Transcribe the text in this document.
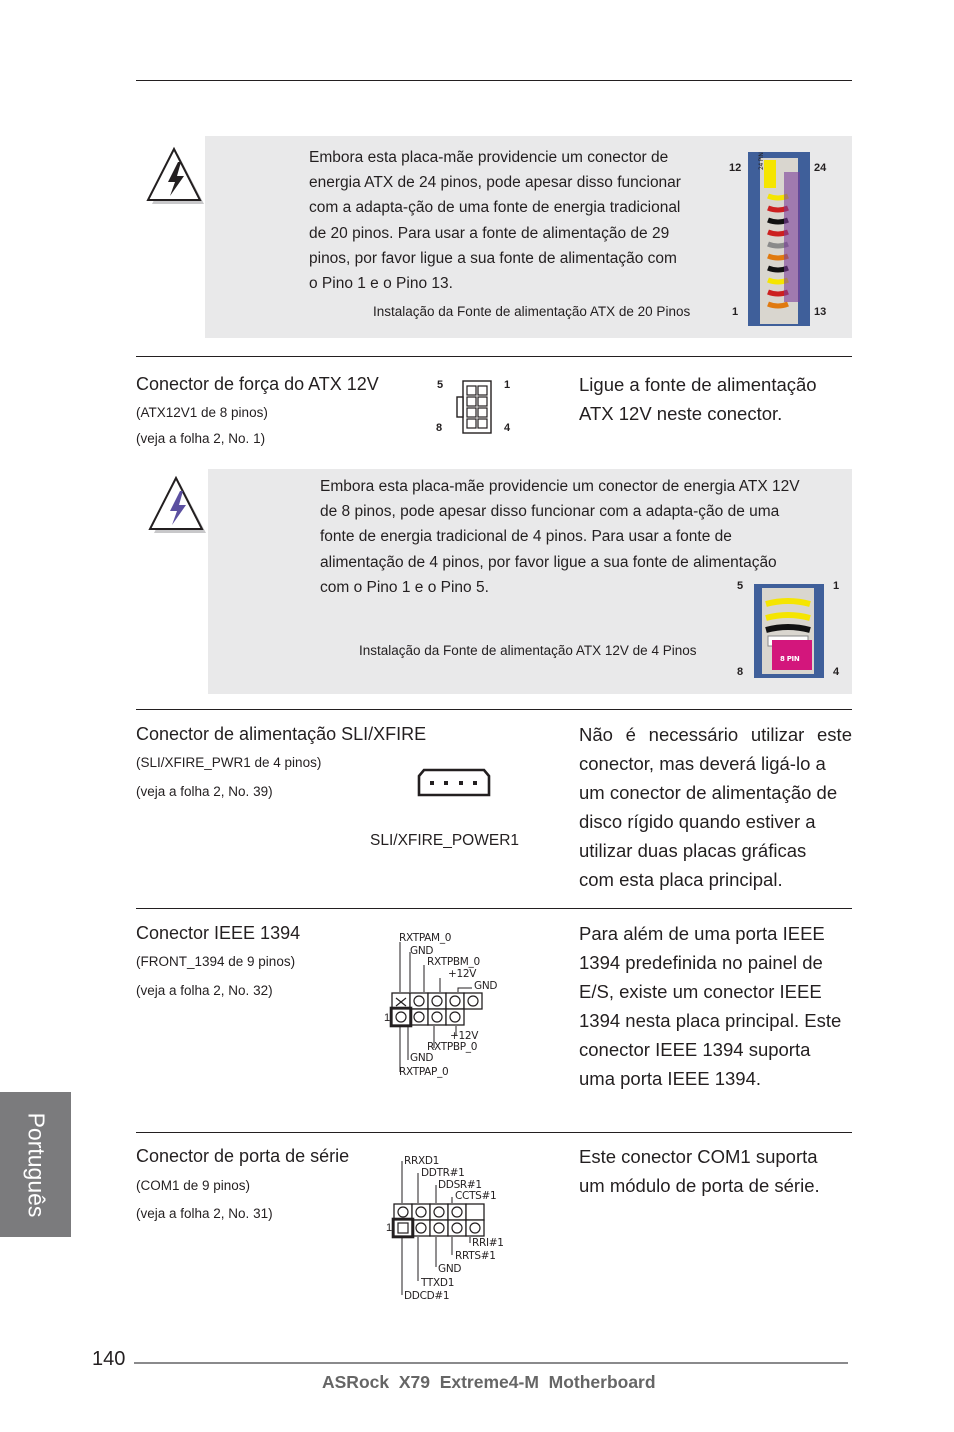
Embora esta placa-mãe providencie um conector de
energia ATX de 24 pinos, pode apesar disso funcionar
com a adapta-ção de uma fonte de energia tradicional
de 20 pinos. Para usar a fonte de alimentação de 29
pinos, por favor ligue a sua fonte de alimentação com
o Pino 1 e o Pino 13.
Instalação da Fonte de alimentação ATX de 20 Pinos
12	24
1	13
24 PIN
Conector de força do ATX 12V
(ATX12V1 de 8 pinos)
(veja a folha 2, No. 1)
5	1
8	4
Ligue a fonte de alimentação
ATX 12V neste conector.
Embora esta placa-mãe providencie um conector de energia ATX 12V
de 8 pinos, pode apesar disso funcionar com a adapta-ção de uma
fonte de energia tradicional de 4 pinos. Para usar a fonte de
alimentação de 4 pinos, por favor ligue a sua fonte de alimentação
com o Pino 1 e o Pino 5.
Instalação da Fonte de alimentação ATX 12V de 4 Pinos
5	1
8	4
8 PIN
Conector de alimentação SLI/XFIRE
(SLI/XFIRE_PWR1 de 4 pinos)
(veja a folha 2, No. 39)
SLI/XFIRE_POWER1
Não é necessário utilizar este
conector, mas deverá ligá-lo a
um conector de alimentação de
disco rígido quando estiver a
utilizar duas placas gráficas
com esta placa principal.
Conector IEEE 1394
(FRONT_1394 de 9 pinos)
(veja a folha 2, No. 32)
1
RXTPAM_0
GND
RXTPBM_0
+12V
GND
+12V
RXTPBP_0
GND
RXTPAP_0
Para além de uma porta IEEE
1394 predefinida no painel de
E/S, existe um conector IEEE
1394 nesta placa principal. Este
conector IEEE 1394 suporta
uma porta IEEE 1394.
Conector de porta de série
(COM1 de 9 pinos)
(veja a folha 2, No. 31)
1
RRXD1
DDTR#1
DDSR#1
CCTS#1
RRI#1
RRTS#1
GND
TTXD1
DDCD#1
Este conector COM1 suporta
um módulo de porta de série.
Português
140
ASRock  X79  Extreme4-M  Motherboard
